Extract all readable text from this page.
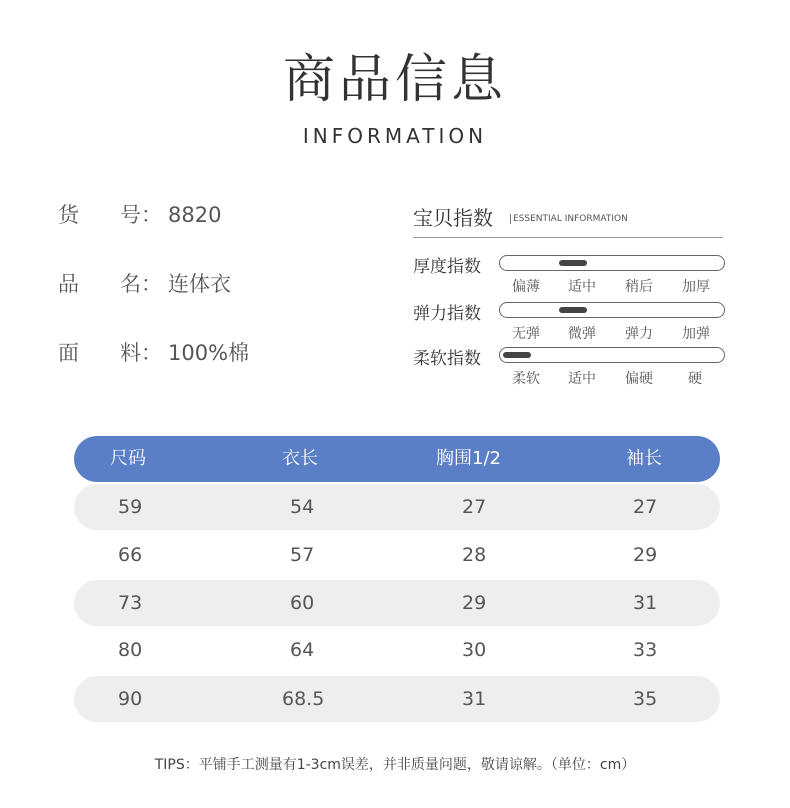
商品信息
INFORMATION
货 号： 8820
品 名： 连体衣
面 料： 100%棉
宝贝指数	ESSENTIAL INFORMATION
厚度指数
偏薄 适中 稍后 加厚
弹力指数
无弹 微弹 弹力 加弹
柔软指数
柔软 适中 偏硬	硬
尺码	衣长	胸围1/2	袖长
59	54	27	27
66	57	28	29
73	60	29	31
80	64	30	33
90	68.5	31	35
TIPS：平铺手工测量有1-3cm误差，并非质量问题，敬请谅解。（单位：cm）
